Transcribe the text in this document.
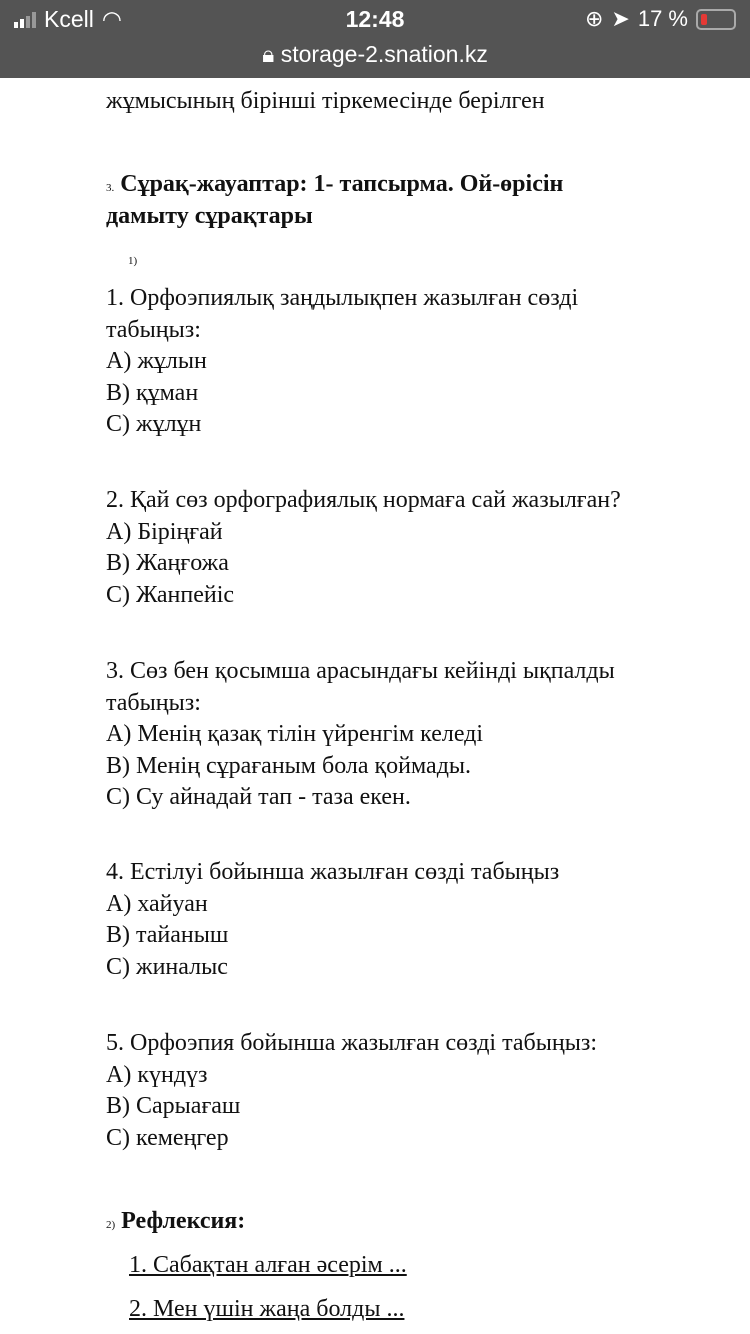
Kcell ◠	12:48	⊕ ➤ 17 %
🔒︎ storage-2.snation.kz
жұмысының бірінші тіркемесінде берілген
3. Сұрақ-жауаптар: 1- тапсырма. Ой-өрісін
дамыту сұрақтары
1)
1. Орфоэпиялық заңдылықпен жазылған сөзді
табыңыз:
A) жұлын
B) құман
C) жұлұн
2. Қай сөз орфографиялық нормаға сай жазылған?
A) Біріңғай
B) Жаңғожа
C) Жанпейіс
3. Сөз бен қосымша арасындағы кейінді ықпалды
табыңыз:
A) Менің қазақ тілін үйренгім келеді
B) Менің сұрағаным бола қоймады.
C) Су айнадай тап - таза екен.
4. Естілуі бойынша жазылған сөзді табыңыз
A) хайуан
B) тайаныш
C) жиналыс
5. Орфоэпия бойынша жазылған сөзді табыңыз:
A) күндүз
B) Сарыағаш
C) кемеңгер
2) Рефлексия:
1. Сабақтан алған әсерім ...
2. Мен үшін жаңа болды ...
